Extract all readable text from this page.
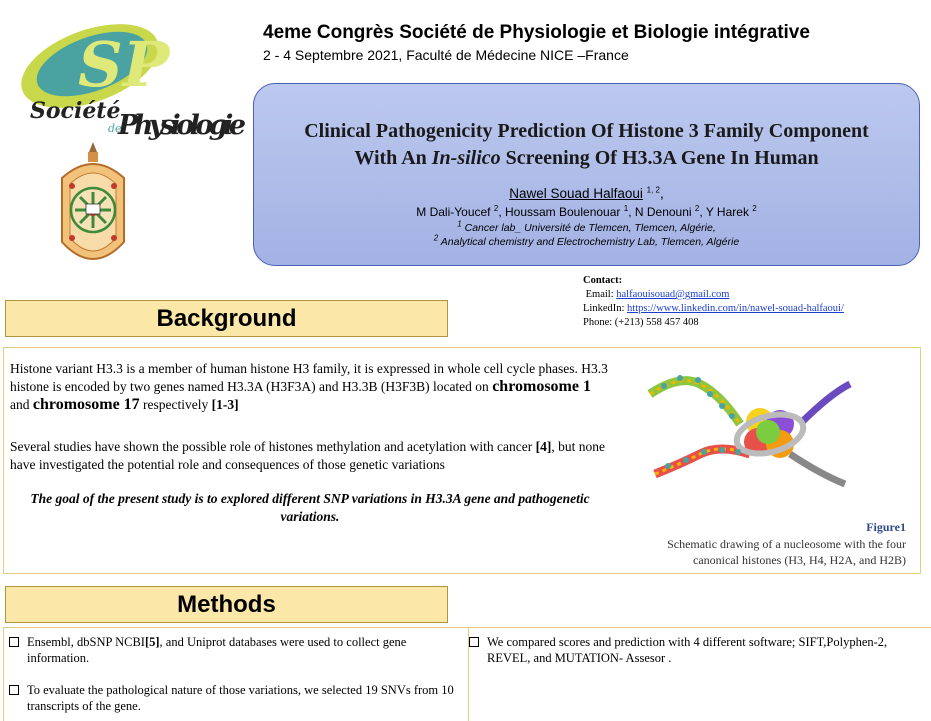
SP
Société
de
Physiologie
4eme Congrès Société de Physiologie et Biologie intégrative
2 - 4 Septembre 2021, Faculté de Médecine NICE –France
Clinical Pathogenicity Prediction Of Histone 3 Family Component
With An In-silico Screening Of H3.3A Gene In Human
Nawel Souad Halfaoui $^{1, 2}$,
M Dali-Youcef $^2$, Houssam Boulenouar $^1$, N Denouni $^2$, Y Harek $^2$
$^1$ Cancer lab_ Université de Tlemcen, Tlemcen, Algérie,
$^2$ Analytical chemistry and Electrochemistry Lab, Tlemcen, Algérie
Contact:
Email: halfaouisouad@gmail.com
LinkedIn: https://www.linkedin.com/in/nawel-souad-halfaoui/
Phone: (+213) 558 457 408
Background
Histone variant H3.3 is a member of human histone H3 family, it is expressed in whole cell cycle phases. H3.3 histone is encoded by two genes named H3.3A (H3F3A) and H3.3B (H3F3B) located on chromosome 1 and chromosome 17 respectively [1-3]
Several studies have shown the possible role of histones methylation and acetylation with cancer [4], but none have investigated the potential role and consequences of those genetic variations
The goal of the present study is to explored different SNP variations in H3.3A gene and pathogenetic variations.
Figure1
Schematic drawing of a nucleosome with the four canonical histones (H3, H4, H2A, and H2B)
Methods
Ensembl, dbSNP NCBI[5], and Uniprot databases were used to collect gene information.
To evaluate the pathological nature of those variations, we selected 19 SNVs from 10 transcripts of the gene.
We compared scores and prediction with 4 different software; SIFT,Polyphen-2, REVEL, and MUTATION- Assesor .
